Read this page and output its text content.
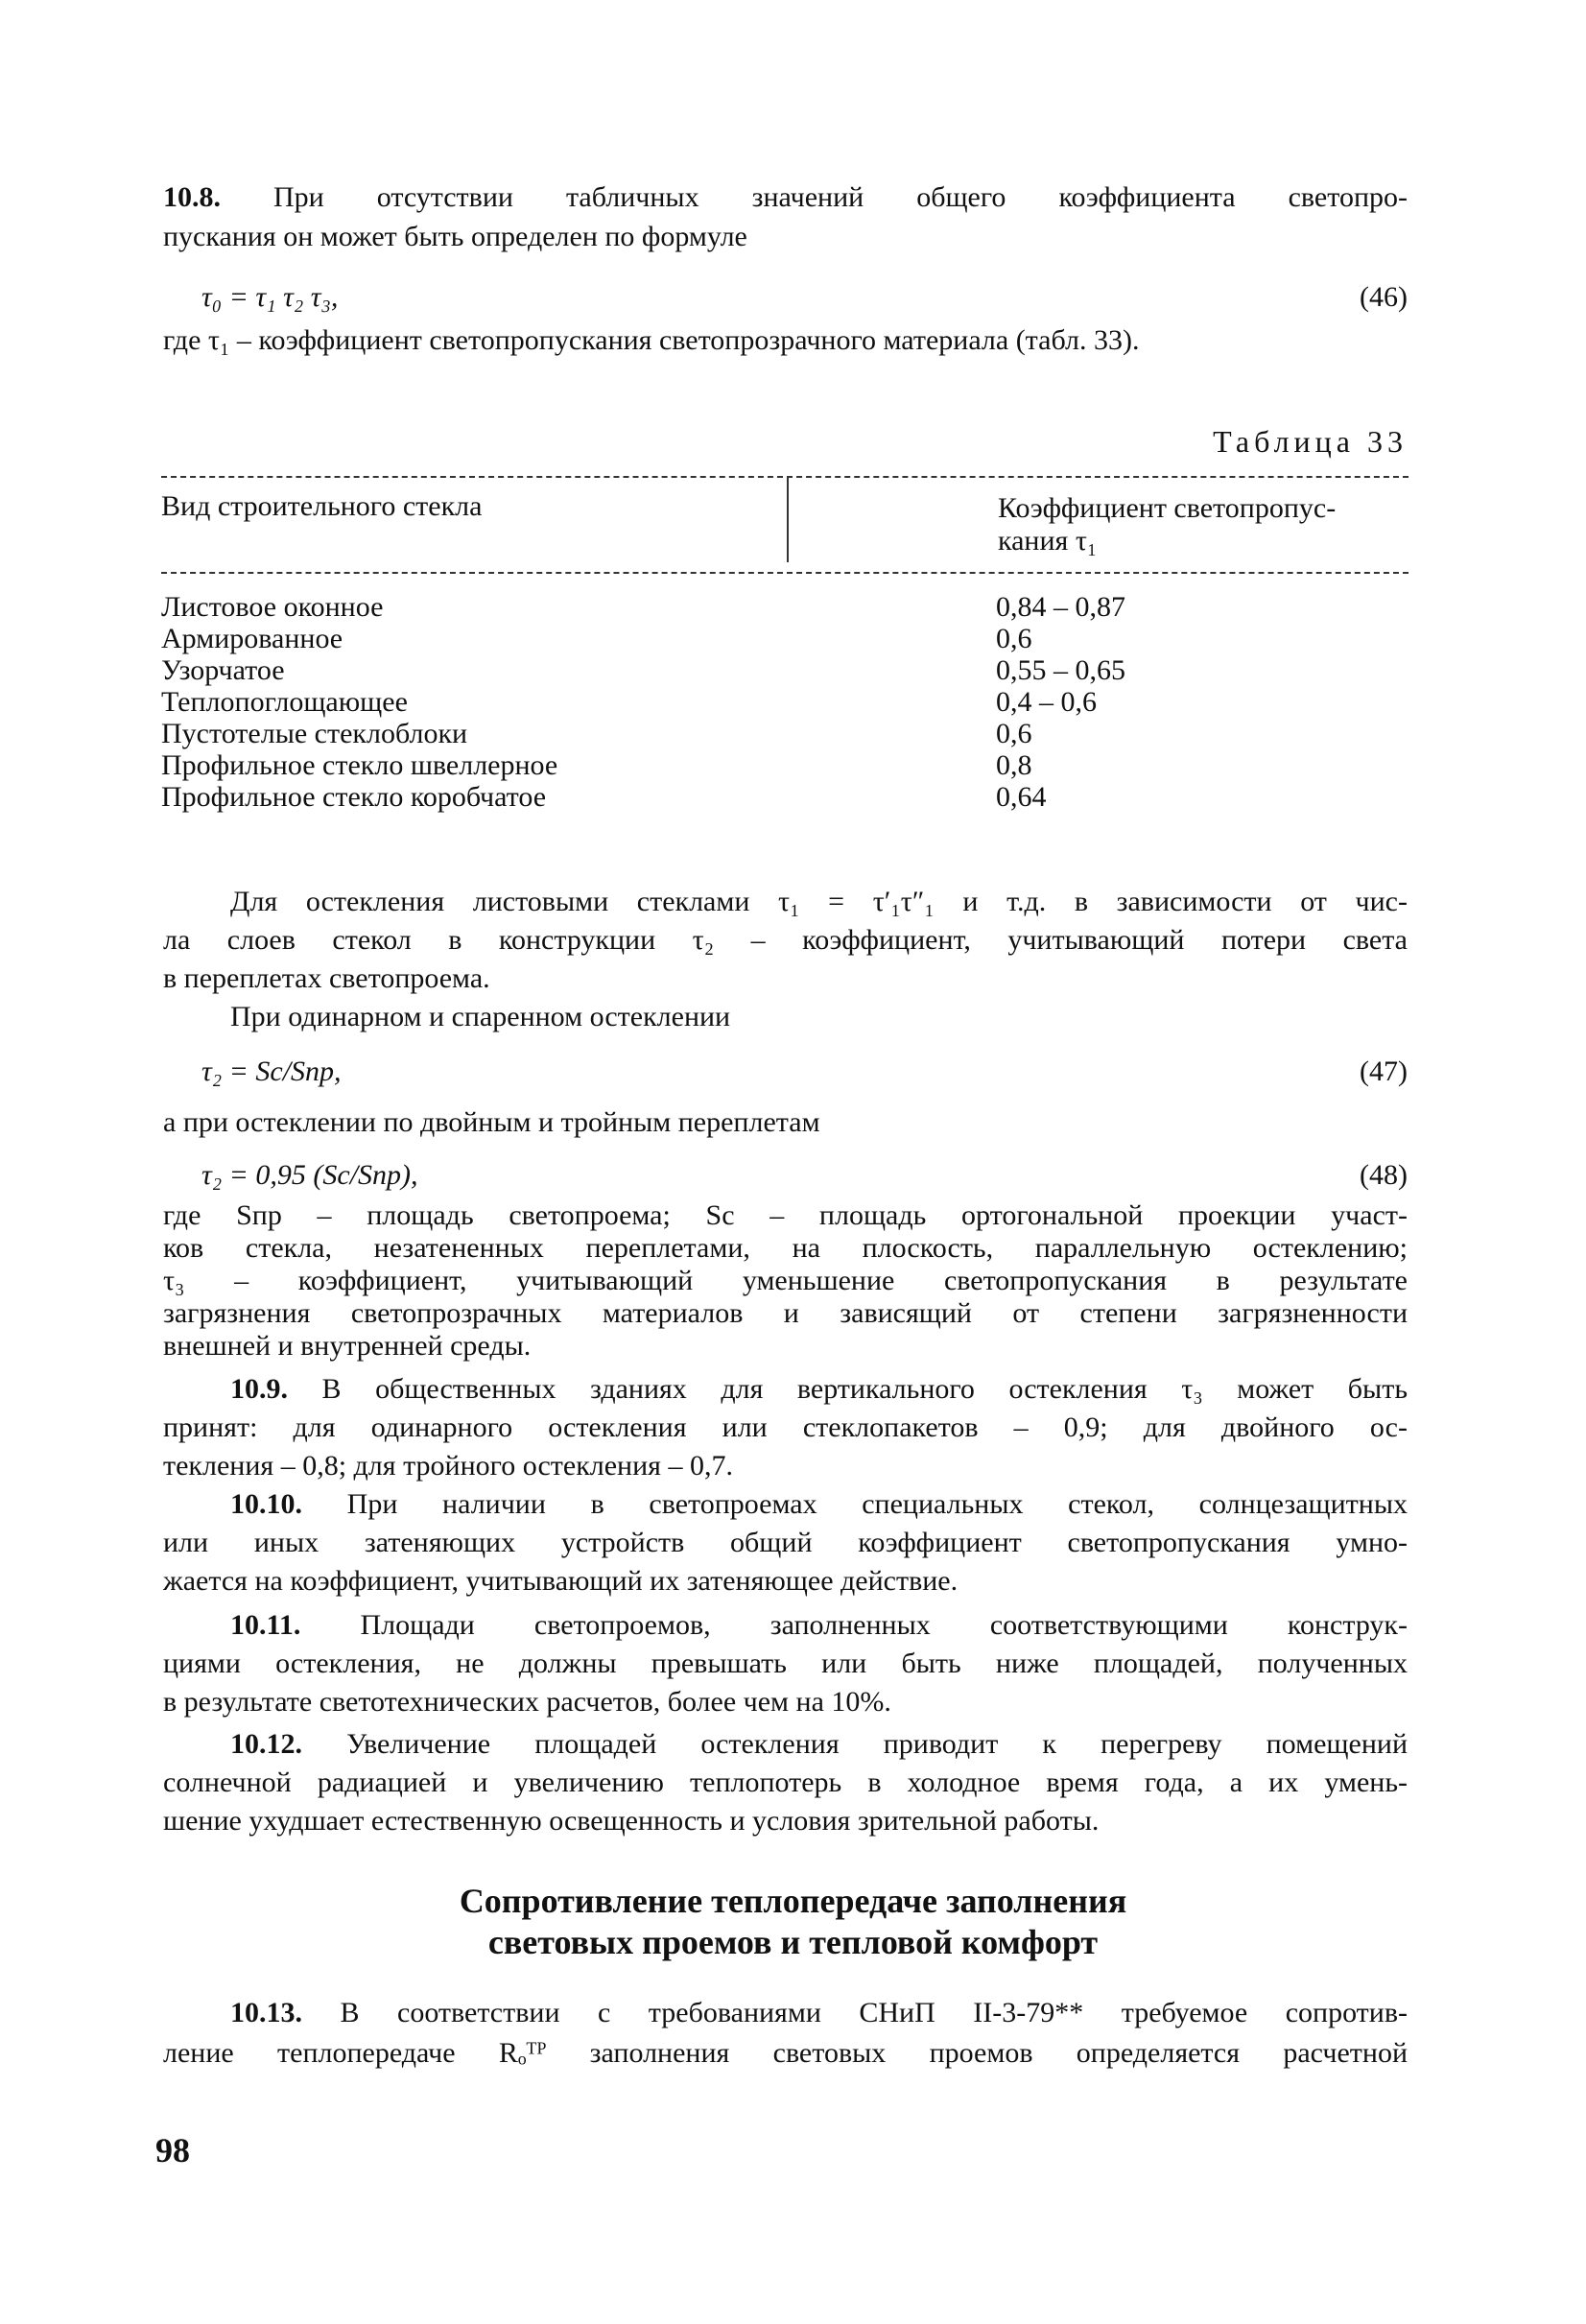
10.8. При отсутствии табличных значений общего коэффициента светопро-
пускания он может быть определен по формуле
τ₀ = τ₁ τ₂ τ₃,	(46)
где τ₁ – коэффициент светопропускания светопрозрачного материала (табл. 33).
Таблица 33
Вид строительного стекла	Коэффициент светопропус-
кания τ₁
Листовое оконное	0,84 – 0,87
Армированное	0,6
Узорчатое	0,55 – 0,65
Теплопоглощающее	0,4 – 0,6
Пустотелые стеклоблоки	0,6
Профильное стекло швеллерное	0,8
Профильное стекло коробчатое	0,64
Для остекления листовыми стеклами τ₁ = τ′₁τ″₁ и т.д. в зависимости от чис-
ла слоев стекол в конструкции τ₂ – коэффициент, учитывающий потери света
в переплетах светопроема.
При одинарном и спаренном остеклении
τ₂ = Sс/Sпр,	(47)
а при остеклении по двойным и тройным переплетам
τ₂ = 0,95 (Sс/Sпр),	(48)
где Sпр – площадь светопроема; Sс – площадь ортогональной проекции участ-
ков стекла, незатененных переплетами, на плоскость, параллельную остеклению;
τ₃ – коэффициент, учитывающий уменьшение светопропускания в результате
загрязнения светопрозрачных материалов и зависящий от степени загрязненности
внешней и внутренней среды.
10.9. В общественных зданиях для вертикального остекления τ₃ может быть
принят: для одинарного остекления или стеклопакетов – 0,9; для двойного ос-
текления – 0,8; для тройного остекления – 0,7.
10.10. При наличии в светопроемах специальных стекол, солнцезащитных
или иных затеняющих устройств общий коэффициент светопропускания умно-
жается на коэффициент, учитывающий их затеняющее действие.
10.11. Площади светопроемов, заполненных соответствующими конструк-
циями остекления, не должны превышать или быть ниже площадей, полученных
в результате светотехнических расчетов, более чем на 10%.
10.12. Увеличение площадей остекления приводит к перегреву помещений
солнечной радиацией и увеличению теплопотерь в холодное время года, а их умень-
шение ухудшает естественную освещенность и условия зрительной работы.
Сопротивление теплопередаче заполнения
световых проемов и тепловой комфорт
10.13. В соответствии с требованиями СНиП II-3-79** требуемое сопротив-
ление теплопередаче Rₒᵀᴾ заполнения световых проемов определяется расчетной
98
